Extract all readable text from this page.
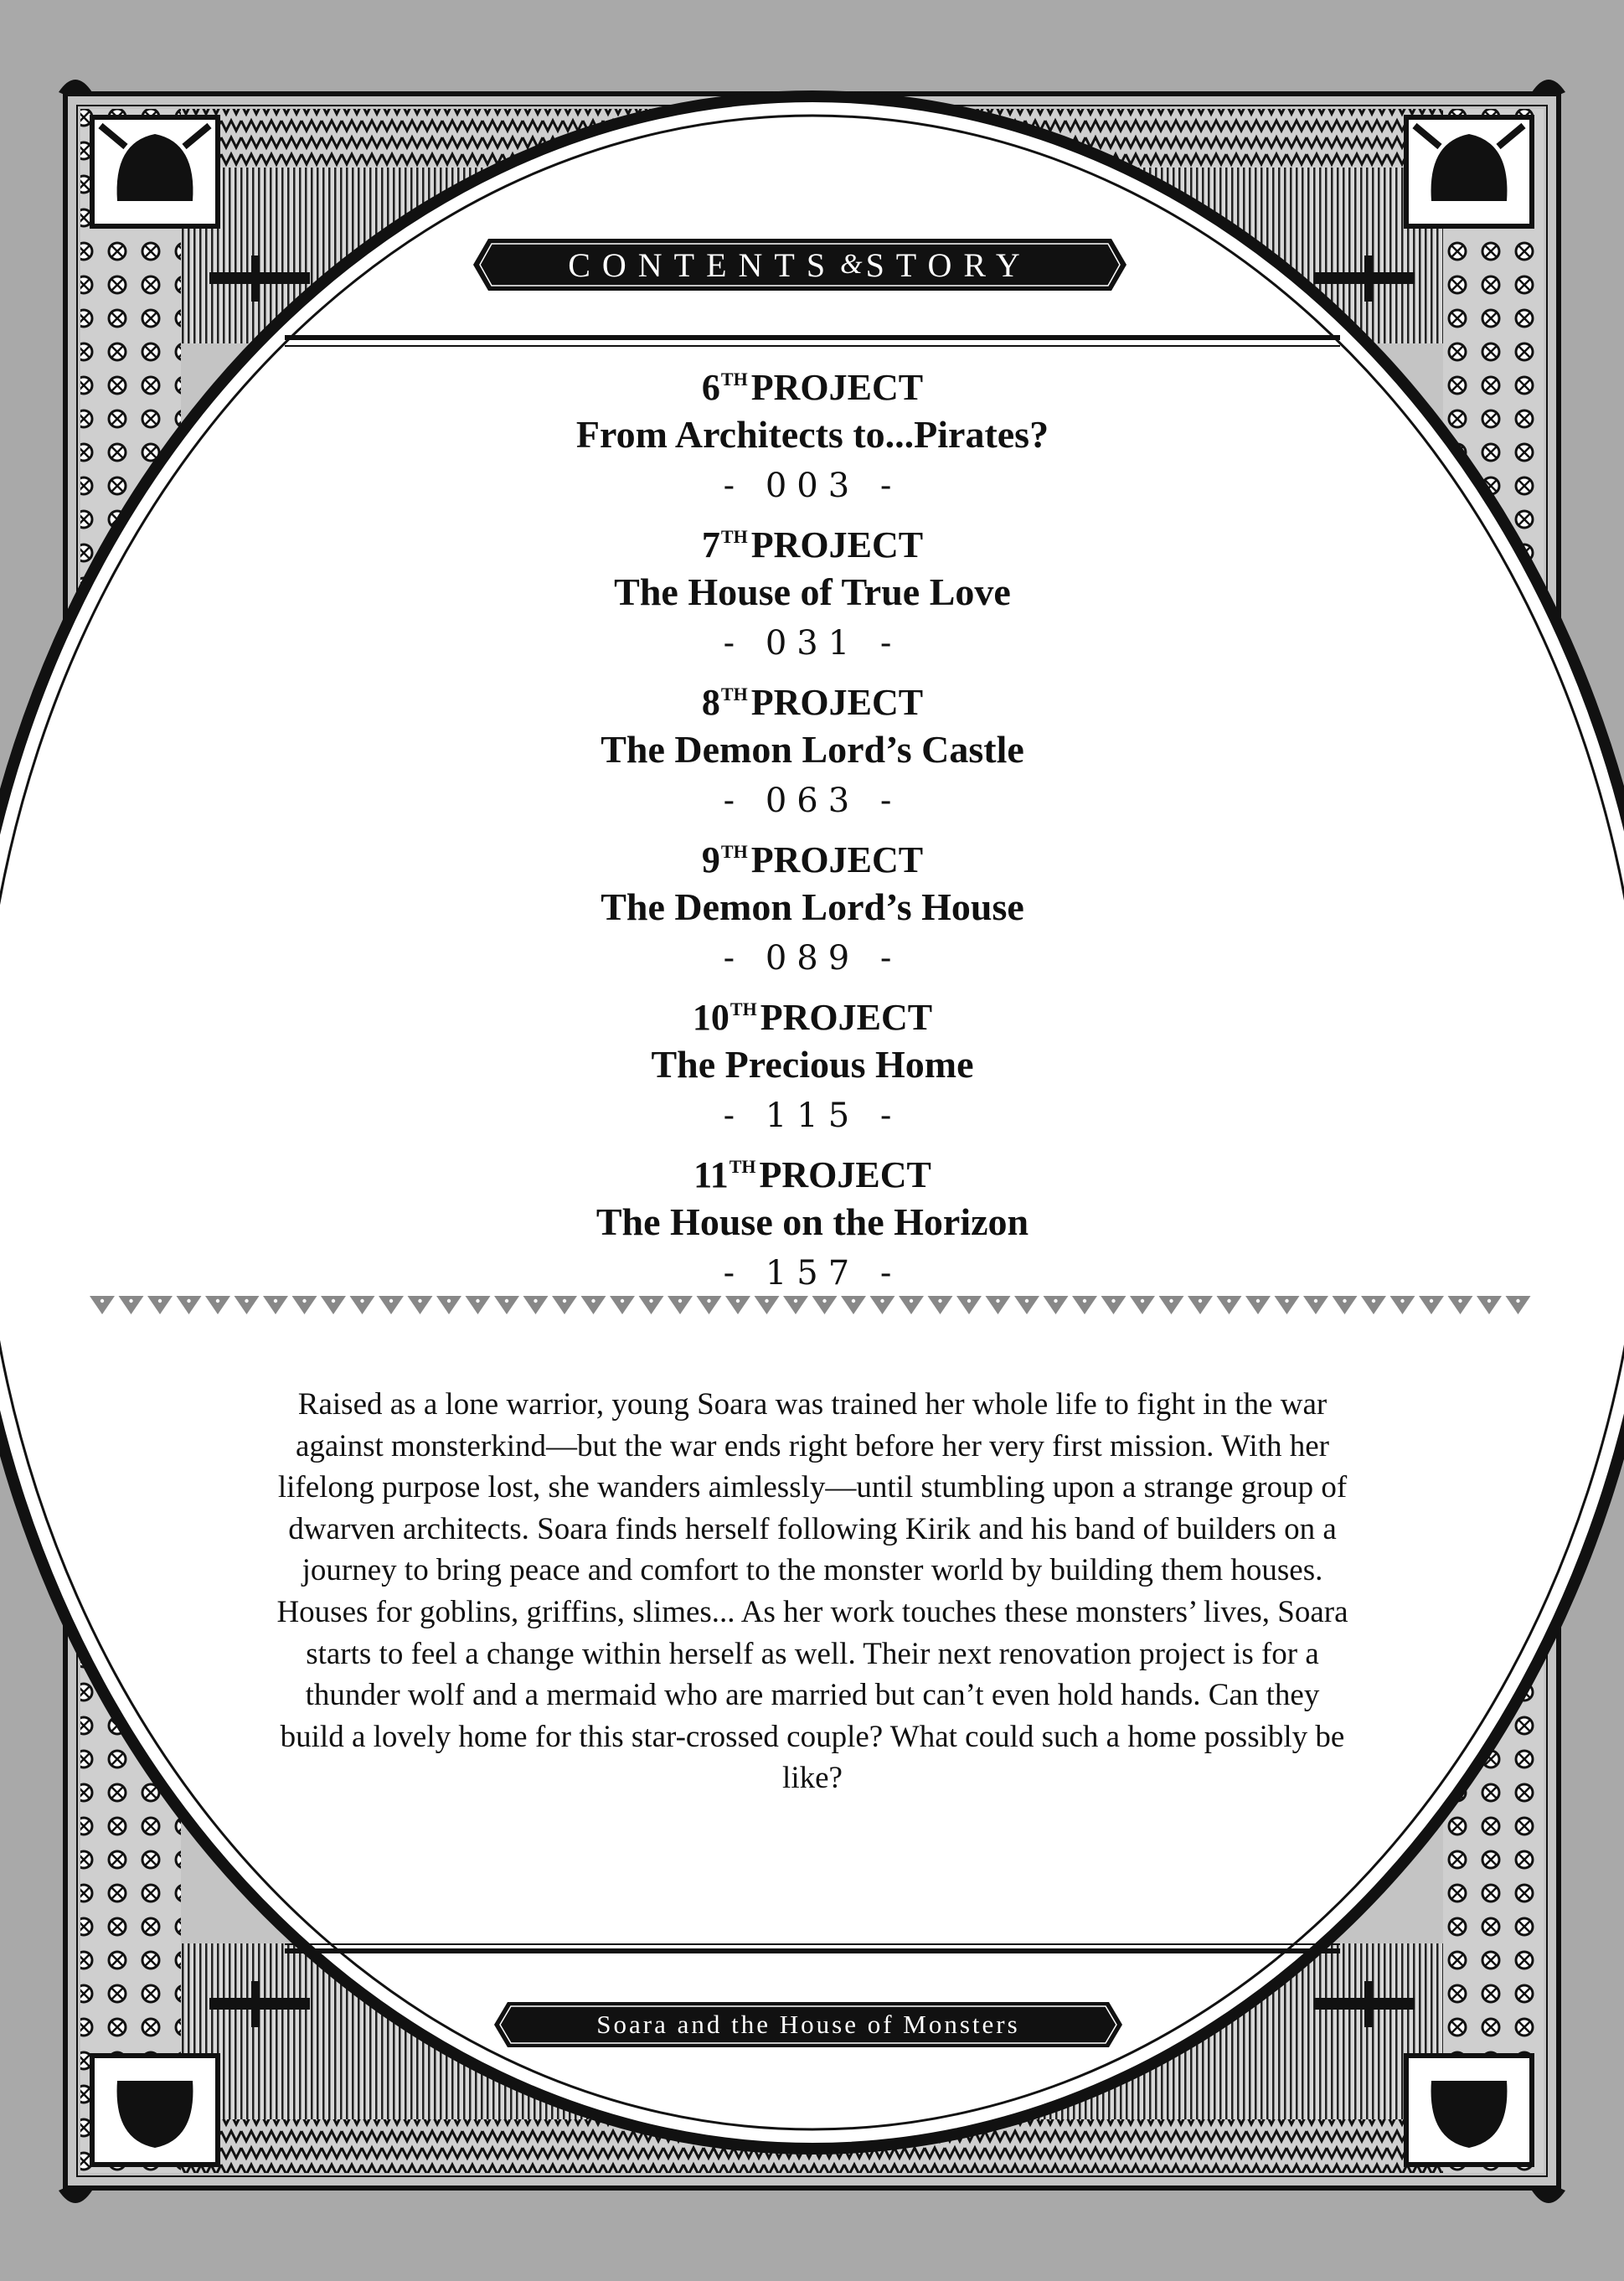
CONTENTS & STORY
6THPROJECT
From Architects to...Pirates?
- 003 -
7THPROJECT
The House of True Love
- 031 -
8THPROJECT
The Demon Lord’s Castle
- 063 -
9THPROJECT
The Demon Lord’s House
- 089 -
10THPROJECT
The Precious Home
- 115 -
11THPROJECT
The House on the Horizon
- 157 -

Raised as a lone warrior, young Soara was trained her whole life to fight in the war against monsterkind—but the war ends right before her very first mission. With her lifelong purpose lost, she wanders aimlessly—until stumbling upon a strange group of dwarven architects. Soara finds herself following Kirik and his band of builders on a journey to bring peace and comfort to the monster world by building them houses. Houses for goblins, griffins, slimes... As her work touches these monsters’ lives, Soara starts to feel a change within herself as well. Their next renovation project is for a thunder wolf and a mermaid who are married but can’t even hold hands. Can they build a lovely home for this star-crossed couple? What could such a home possibly be like?

Soara and the House of Monsters
